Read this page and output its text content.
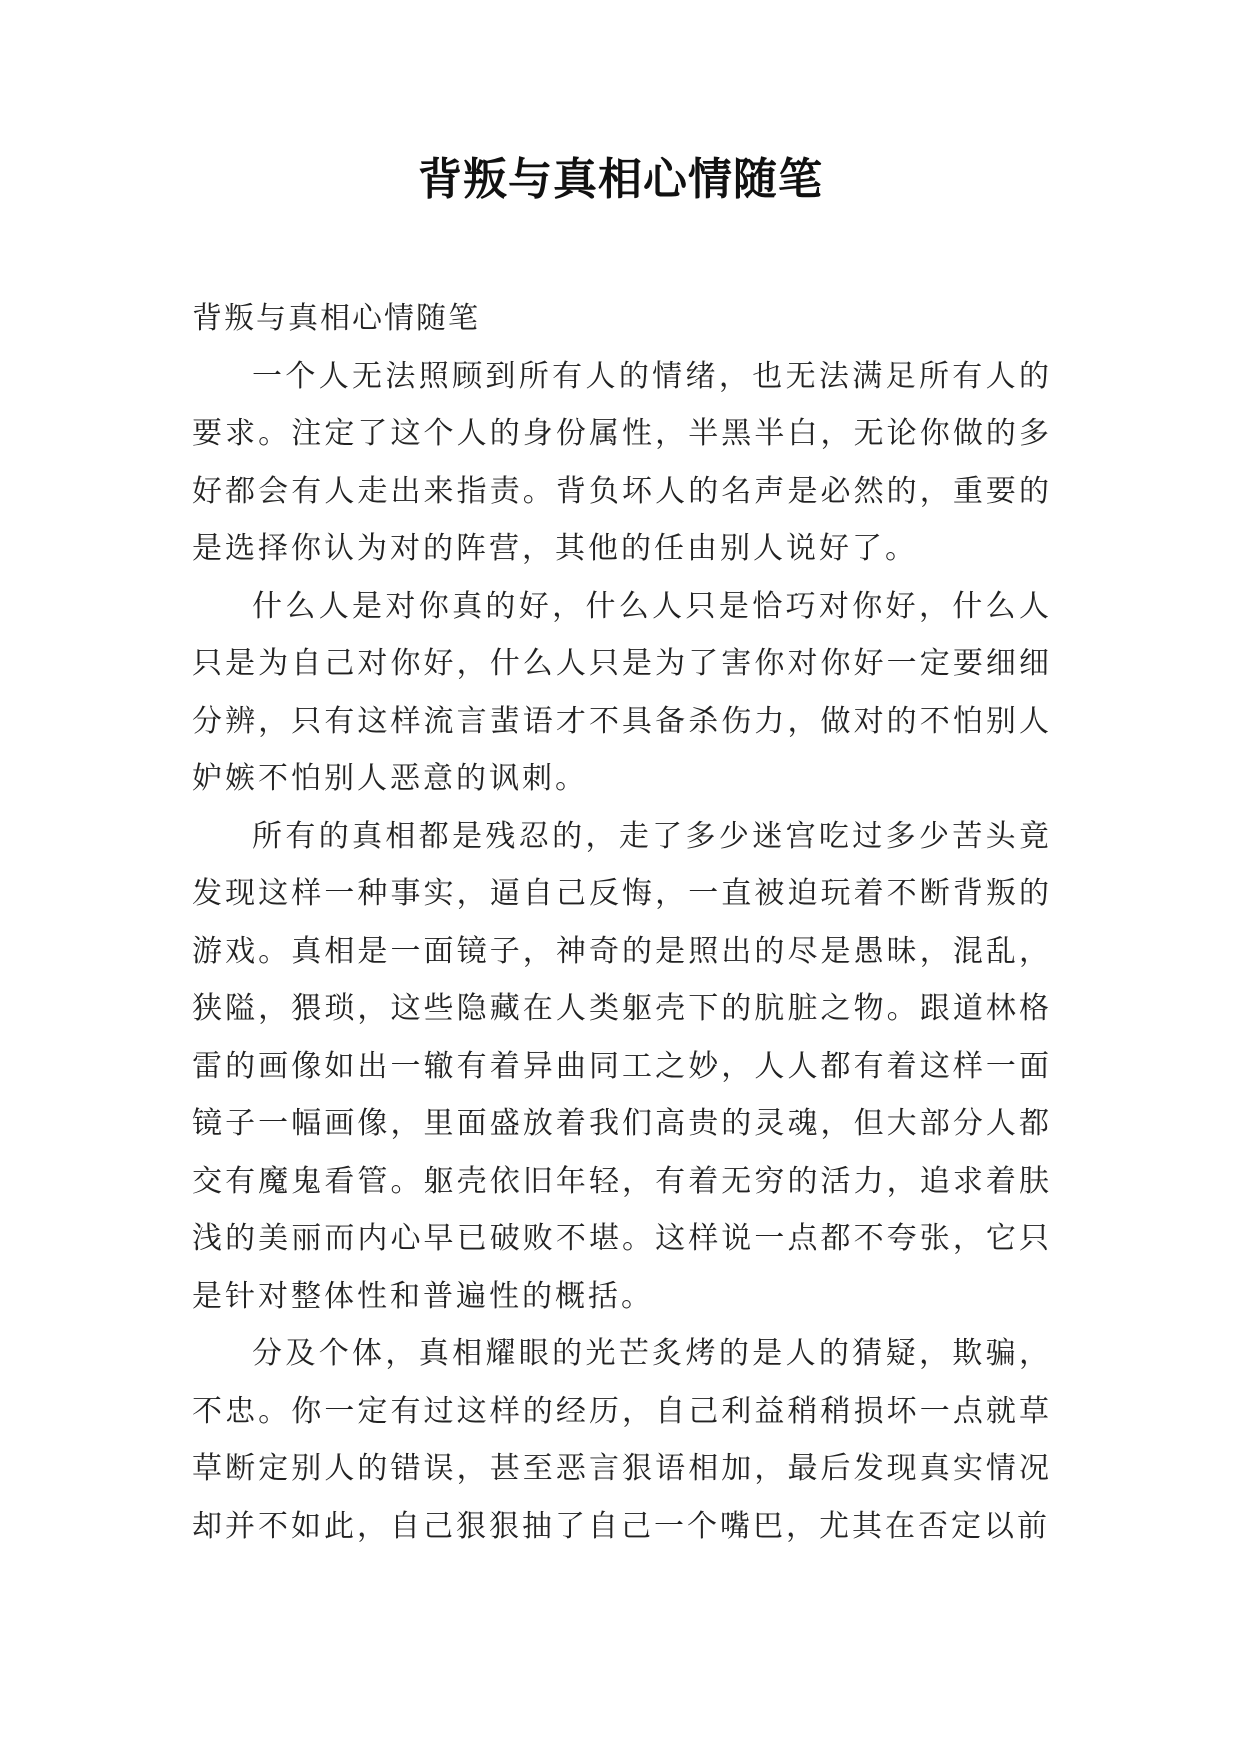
背叛与真相心情随笔

背叛与真相心情随笔

一个人无法照顾到所有人的情绪，也无法满足所有人的要求。注定了这个人的身份属性，半黑半白，无论你做的多好都会有人走出来指责。背负坏人的名声是必然的，重要的是选择你认为对的阵营，其他的任由别人说好了。

什么人是对你真的好，什么人只是恰巧对你好，什么人只是为自己对你好，什么人只是为了害你对你好一定要细细分辨，只有这样流言蜚语才不具备杀伤力，做对的不怕别人妒嫉不怕别人恶意的讽刺。

所有的真相都是残忍的，走了多少迷宫吃过多少苦头竟发现这样一种事实，逼自己反悔，一直被迫玩着不断背叛的游戏。真相是一面镜子，神奇的是照出的尽是愚昧，混乱，狭隘，猥琐，这些隐藏在人类躯壳下的肮脏之物。跟道林格雷的画像如出一辙有着异曲同工之妙，人人都有着这样一面镜子一幅画像，里面盛放着我们高贵的灵魂，但大部分人都交有魔鬼看管。躯壳依旧年轻，有着无穷的活力，追求着肤浅的美丽而内心早已破败不堪。这样说一点都不夸张，它只是针对整体性和普遍性的概括。

分及个体，真相耀眼的光芒炙烤的是人的猜疑，欺骗，不忠。你一定有过这样的经历，自己利益稍稍损坏一点就草草断定别人的错误，甚至恶言狠语相加，最后发现真实情况却并不如此，自己狠狠抽了自己一个嘴巴，尤其在否定以前
